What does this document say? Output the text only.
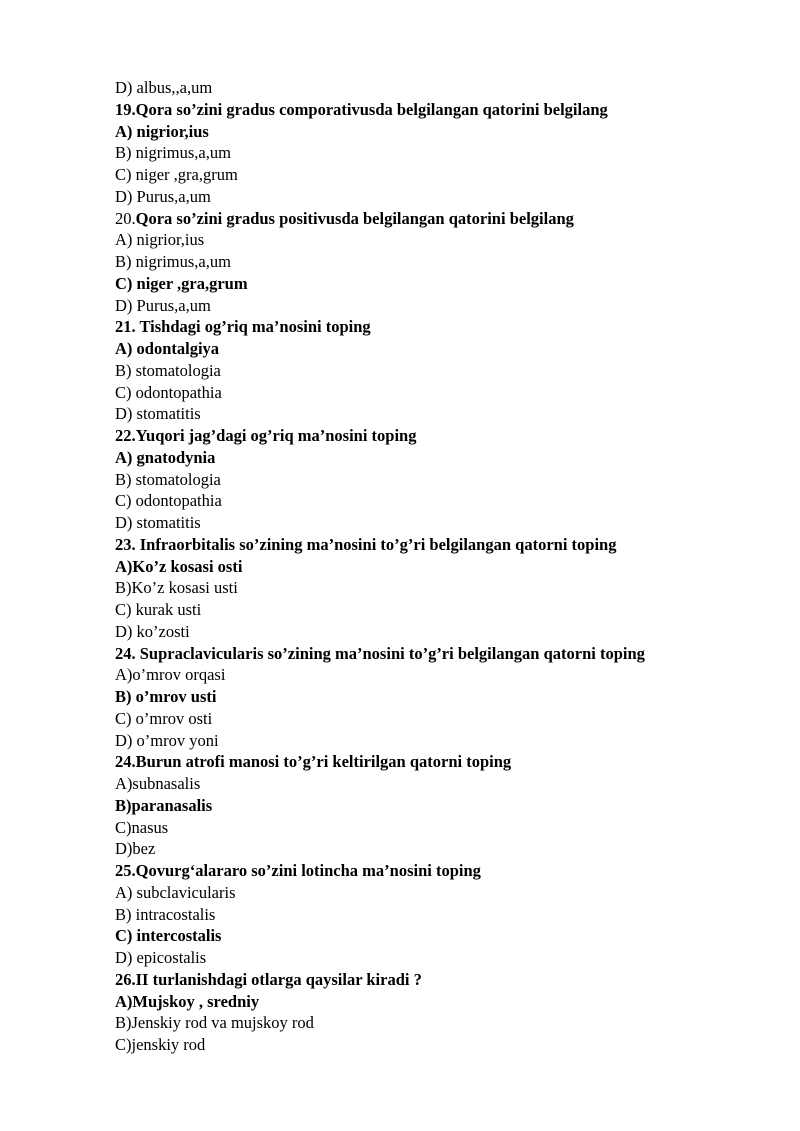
D) albus,,a,um
19.Qora so’zini gradus comporativusda belgilangan qatorini belgilang
A) nigrior,ius
B) nigrimus,a,um
C) niger ,gra,grum
D) Purus,a,um
20.Qora so’zini gradus positivusda belgilangan qatorini belgilang
A) nigrior,ius
B) nigrimus,a,um
C) niger ,gra,grum
D) Purus,a,um
21. Tishdagi og’riq ma’nosini toping
A) odontalgiya
B) stomatologia
C) odontopathia
D) stomatitis
22.Yuqori jag’dagi og’riq ma’nosini toping
A) gnatodynia
B) stomatologia
C) odontopathia
D) stomatitis
23. Infraorbitalis so’zining ma’nosini to’g’ri belgilangan qatorni toping
A)Ko’z kosasi osti
B)Ko’z kosasi usti
C) kurak usti
D) ko’zosti
24. Supraclavicularis so’zining ma’nosini to’g’ri belgilangan qatorni toping
A)o’mrov orqasi
B) o’mrov usti
C) o’mrov osti
D) o’mrov yoni
24.Burun atrofi manosi to’g’ri keltirilgan qatorni toping
A)subnasalis
B)paranasalis
C)nasus
D)bez
25.Qovurg‘alararo so’zini lotincha ma’nosini toping
A) subclavicularis
B) intracostalis
C) intercostalis
D) epicostalis
26.II turlanishdagi otlarga qaysilar kiradi ?
A)Mujskoy , sredniy
B)Jenskiy rod va mujskoy rod
C)jenskiy rod
